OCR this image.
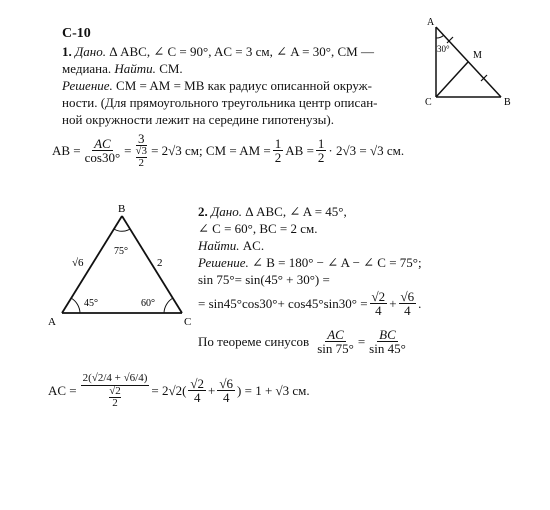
С-10
1. Дано. Δ ABC, ∠ C = 90°, AC = 3 см, ∠ A = 30°, CM —
медиана. Найти. CM.
Решение. CM = AM = MB как радиус описанной окруж-
ности. (Для прямоугольного треугольника центр описан-
ной окружности лежит на середине гипотенузы).
AB = $\frac{AC}{\cos 30^\circ} = \frac{3}{\frac{√3}{2}} = 2√3$ см; CM = AM = $\frac{1}{2}$ AB = $\frac{1}{2} \cdot 2√3 = √3$ см.
A
C	B
M
30°
A
B
C
√6	2
45°
75°
60°
2. Дано. Δ ABC, ∠ A = 45°,
∠ C = 60°, BC = 2 см.
Найти. AC.
Решение. ∠ B = 180° − ∠ A − ∠ C = 75°;
sin 75°= sin(45° + 30°) =
= $\sin 45^\circ\cos 30^\circ+ \cos 45^\circ\sin 30^\circ = \frac{√2}{4} + \frac{√6}{4}$ .
По теореме синусов $\frac{AC}{\sin 75^\circ} = \frac{BC}{\sin 45^\circ}$
AC = $\frac{2(√2/4 + √6/4)}{\frac{√2}{2}} = 2√2( \frac{√2}{4} + \frac{√6}{4}$ ) = 1 + √3 см.
